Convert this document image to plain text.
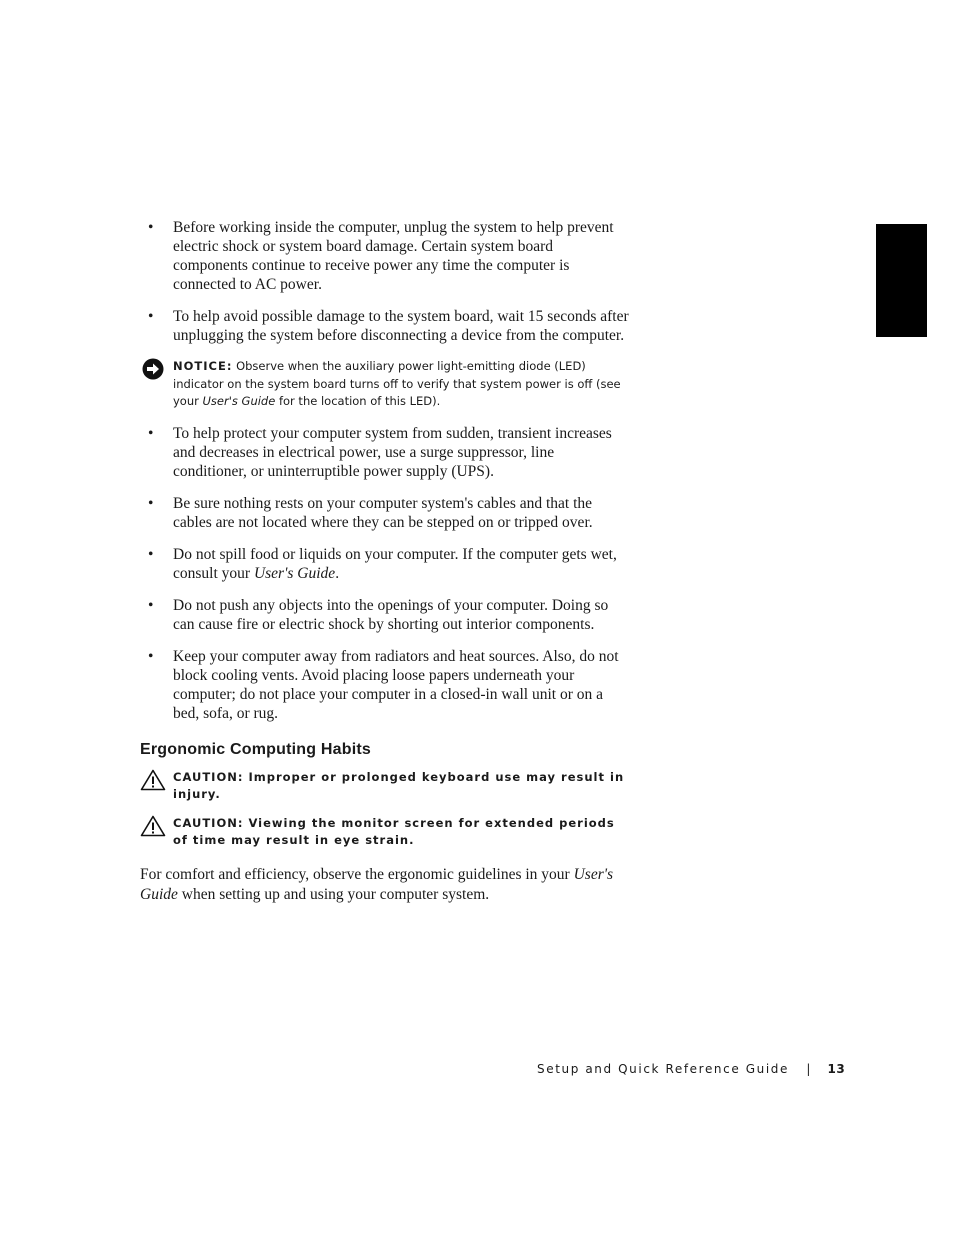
• Before working inside the computer, unplug the system to help prevent electric shock or system board damage. Certain system board components continue to receive power any time the computer is connected to AC power.
• To help avoid possible damage to the system board, wait 15 seconds after unplugging the system before disconnecting a device from the computer.
NOTICE: Observe when the auxiliary power light-emitting diode (LED) indicator on the system board turns off to verify that system power is off (see your User's Guide for the location of this LED).
• To help protect your computer system from sudden, transient increases and decreases in electrical power, use a surge suppressor, line conditioner, or uninterruptible power supply (UPS).
• Be sure nothing rests on your computer system's cables and that the cables are not located where they can be stepped on or tripped over.
• Do not spill food or liquids on your computer. If the computer gets wet, consult your User's Guide.
• Do not push any objects into the openings of your computer. Doing so can cause fire or electric shock by shorting out interior components.
• Keep your computer away from radiators and heat sources. Also, do not block cooling vents. Avoid placing loose papers underneath your computer; do not place your computer in a closed-in wall unit or on a bed, sofa, or rug.
Ergonomic Computing Habits
CAUTION: Improper or prolonged keyboard use may result in injury.
CAUTION: Viewing the monitor screen for extended periods of time may result in eye strain.

For comfort and efficiency, observe the ergonomic guidelines in your User's Guide when setting up and using your computer system.

Setup and Quick Reference Guide | 13
